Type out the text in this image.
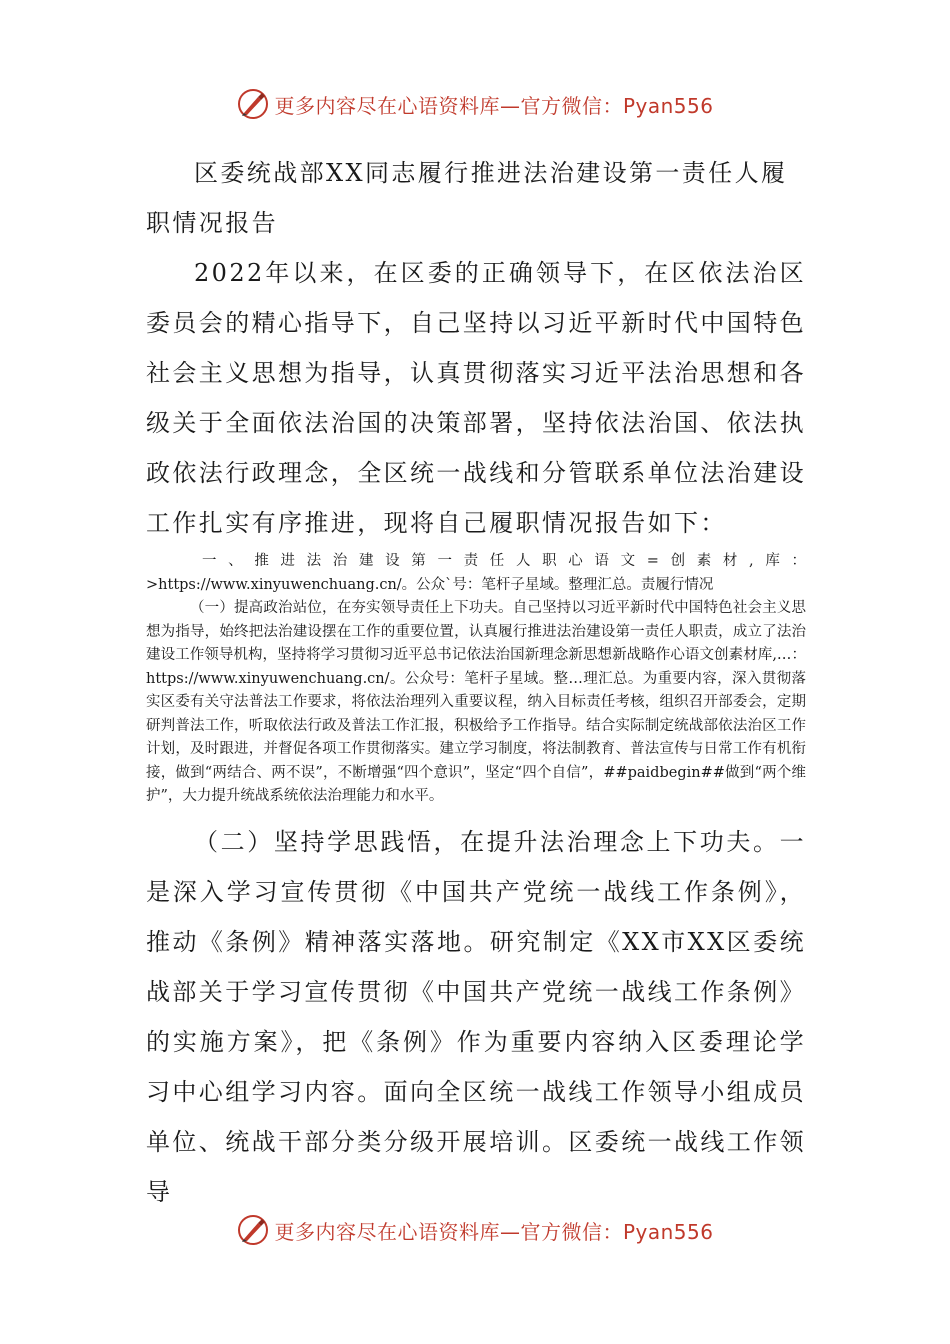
更多内容尽在心语资料库—官方微信：Pyan556

区委统战部XX同志履行推进法治建设第一责任人履职情况报告

2022年以来，在区委的正确领导下，在区依法治区委员会的精心指导下，自己坚持以习近平新时代中国特色社会主义思想为指导，认真贯彻落实习近平法治思想和各级关于全面依法治国的决策部署，坚持依法治国、依法执政依法行政理念，全区统一战线和分管联系单位法治建设工作扎实有序推进，现将自己履职情况报告如下：

一、推进法治建设第一责任人职心语文=创素材,库：>https://www.xinyuwenchuang.cn/。公众`号：笔杆子星域。整理汇总。责履行情况

（一）提高政治站位，在夯实领导责任上下功夫。自己坚持以习近平新时代中国特色社会主义思想为指导，始终把法治建设摆在工作的重要位置，认真履行推进法治建设第一责任人职责，成立了法治建设工作领导机构，坚持将学习贯彻习近平总书记依法治国新理念新思想新战略作心语文创素材库,…：https://www.xinyuwenchuang.cn/。公众号：笔杆子星域。整…理汇总。为重要内容，深入贯彻落实区委有关守法普法工作要求，将依法治理列入重要议程，纳入目标责任考核，组织召开部委会，定期研判普法工作，听取依法行政及普法工作汇报，积极给予工作指导。结合实际制定统战部依法治区工作计划，及时跟进，并督促各项工作贯彻落实。建立学习制度，将法制教育、普法宣传与日常工作有机衔接，做到“两结合、两不误”，不断增强“四个意识”，坚定“四个自信”，##paidbegin##做到“两个维护”，大力提升统战系统依法治理能力和水平。

（二）坚持学思践悟，在提升法治理念上下功夫。一是深入学习宣传贯彻《中国共产党统一战线工作条例》，推动《条例》精神落实落地。研究制定《XX市XX区委统战部关于学习宣传贯彻《中国共产党统一战线工作条例》的实施方案》，把《条例》作为重要内容纳入区委理论学习中心组学习内容。面向全区统一战线工作领导小组成员单位、统战干部分类分级开展培训。区委统一战线工作领导

更多内容尽在心语资料库—官方微信：Pyan556
